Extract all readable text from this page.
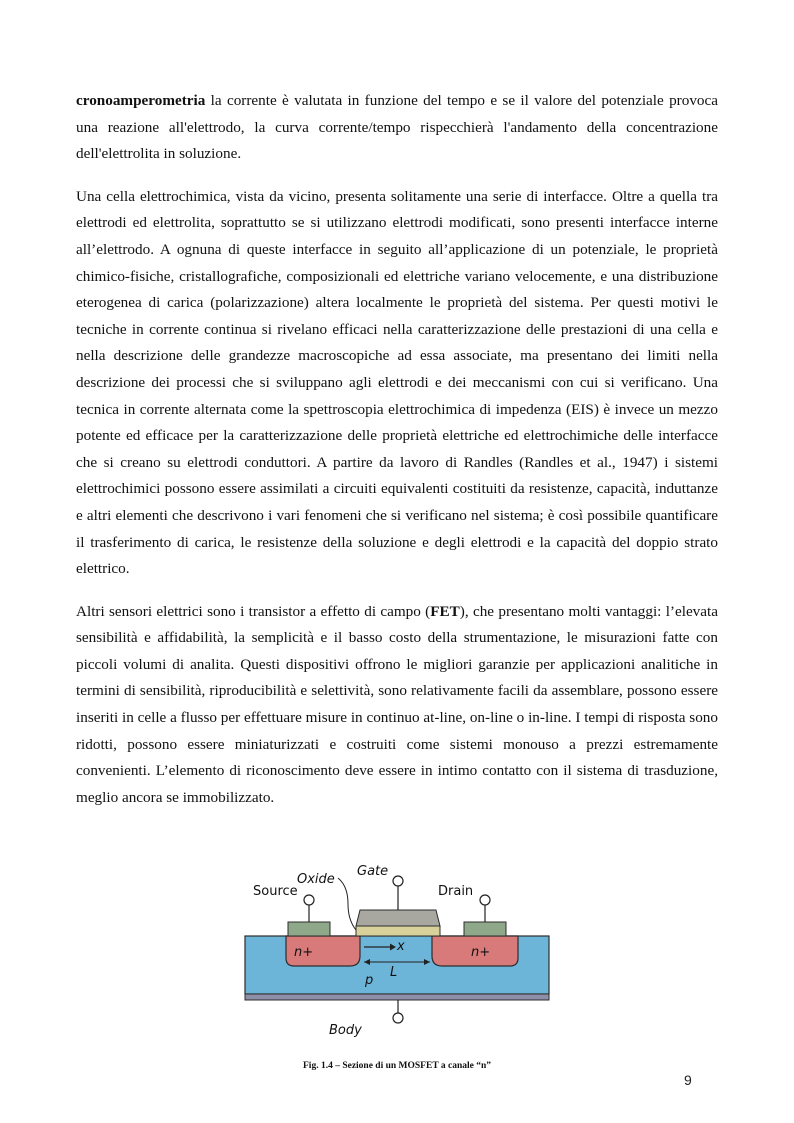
cronoamperometria la corrente è valutata in funzione del tempo e se il valore del potenziale provoca una reazione all'elettrodo, la curva corrente/tempo rispecchierà l'andamento della concentrazione dell'elettrolita in soluzione.

Una cella elettrochimica, vista da vicino, presenta solitamente una serie di interfacce. Oltre a quella tra elettrodi ed elettrolita, soprattutto se si utilizzano elettrodi modificati, sono presenti interfacce interne all’elettrodo. A ognuna di queste interfacce in seguito all’applicazione di un potenziale, le proprietà chimico-fisiche, cristallografiche, composizionali ed elettriche variano velocemente, e una distribuzione eterogenea di carica (polarizzazione) altera localmente le proprietà del sistema. Per questi motivi le tecniche in corrente continua si rivelano efficaci nella caratterizzazione delle prestazioni di una cella e nella descrizione delle grandezze macroscopiche ad essa associate, ma presentano dei limiti nella descrizione dei processi che si sviluppano agli elettrodi e dei meccanismi con cui si verificano. Una tecnica in corrente alternata come la spettroscopia elettrochimica di impedenza (EIS) è invece un mezzo potente ed efficace per la caratterizzazione delle proprietà elettriche ed elettrochimiche delle interfacce che si creano su elettrodi conduttori. A partire da lavoro di Randles (Randles et al., 1947) i sistemi elettrochimici possono essere assimilati a circuiti equivalenti costituiti da resistenze, capacità, induttanze e altri elementi che descrivono i vari fenomeni che si verificano nel sistema; è così possibile quantificare il trasferimento di carica, le resistenze della soluzione e degli elettrodi e la capacità del doppio strato elettrico.

Altri sensori elettrici sono i transistor a effetto di campo (FET), che presentano molti vantaggi: l’elevata sensibilità e affidabilità, la semplicità e il basso costo della strumentazione, le misurazioni fatte con piccoli volumi di analita. Questi dispositivi offrono le migliori garanzie per applicazioni analitiche in termini di sensibilità, riproducibilità e selettività, sono relativamente facili da assemblare, possono essere inseriti in celle a flusso per effettuare misure in continuo at-line, on-line o in-line. I tempi di risposta sono ridotti, possono essere miniaturizzati e costruiti come sistemi monouso a prezzi estremamente convenienti. L’elemento di riconoscimento deve essere in intimo contatto con il sistema di trasduzione, meglio ancora se immobilizzato.

Gate
Oxide
Source	Drain
n+	n+
x
p
L
Body
Fig. 1.4 – Sezione di un MOSFET a canale “n”
9
